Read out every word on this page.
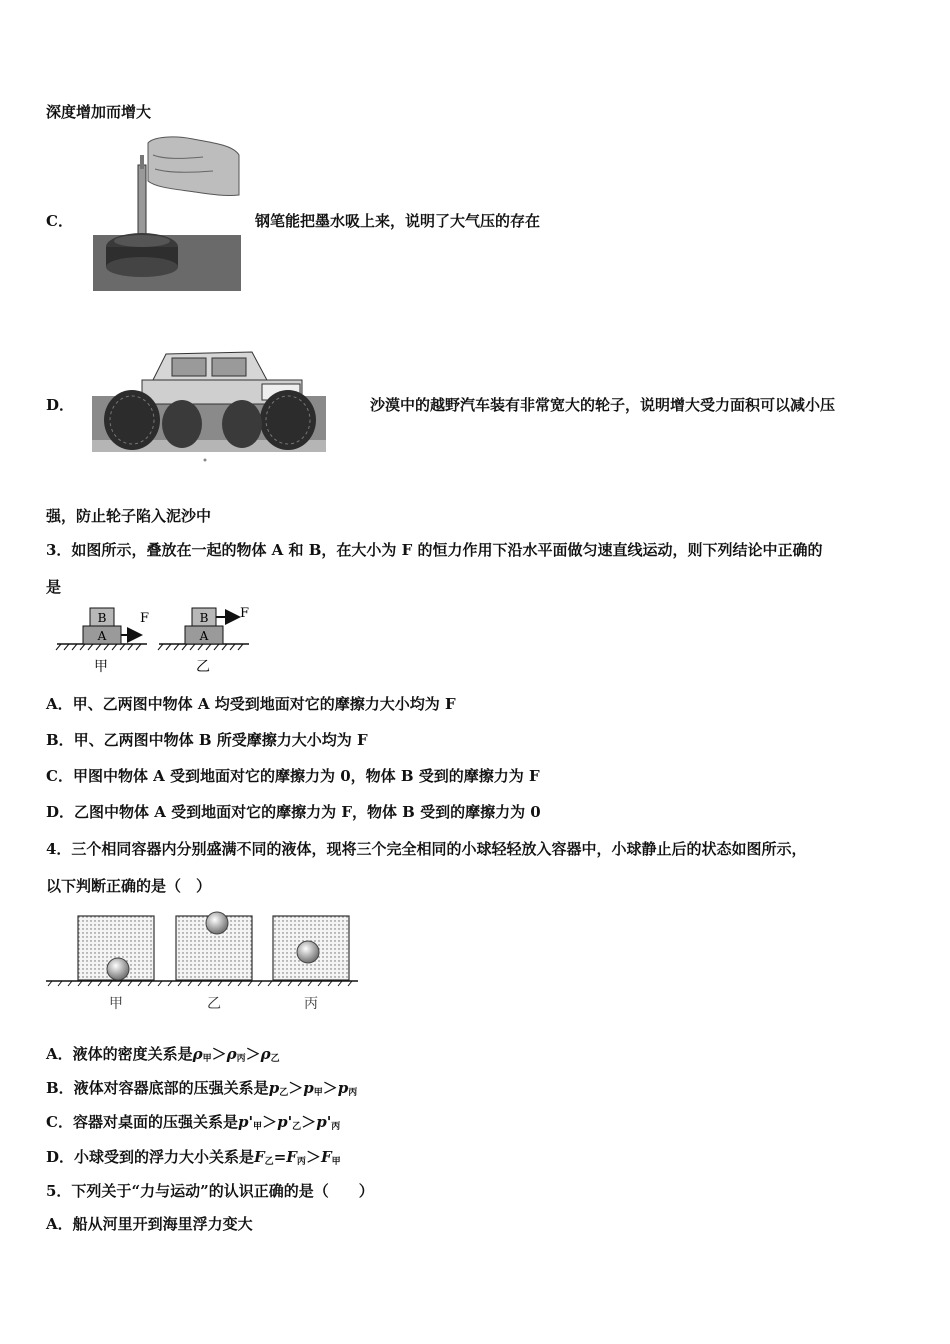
深度增加而增大
C．	钢笔能把墨水吸上来，说明了大气压的存在
D．	沙漠中的越野汽车装有非常宽大的轮子，说明增大受力面积可以减小压
强，防止轮子陷入泥沙中
3．如图所示，叠放在一起的物体 A 和 B，在大小为 F 的恒力作用下沿水平面做匀速直线运动，则下列结论中正确的
是
A
B	F
甲
A
B F
乙
A．甲、乙两图中物体 A 均受到地面对它的摩擦力大小均为 F
B．甲、乙两图中物体 B 所受摩擦力大小均为 F
C．甲图中物体 A 受到地面对它的摩擦力为 0，物体 B 受到的摩擦力为 F
D．乙图中物体 A 受到地面对它的摩擦力为 F，物体 B 受到的摩擦力为 0
4．三个相同容器内分别盛满不同的液体，现将三个完全相同的小球轻轻放入容器中，小球静止后的状态如图所示，
以下判断正确的是（　）
甲	乙	丙
A．液体的密度关系是$\rho_甲>\rho_丙>\rho_乙$
B．液体对容器底部的压强关系是$p_乙>p_甲>p_丙$
C．容器对桌面的压强关系是$p'_甲>p'_乙>p'_丙$
D．小球受到的浮力大小关系是$F_乙=F_丙>F_甲$
5．下列关于“力与运动”的认识正确的是（　　）
A．船从河里开到海里浮力变大
